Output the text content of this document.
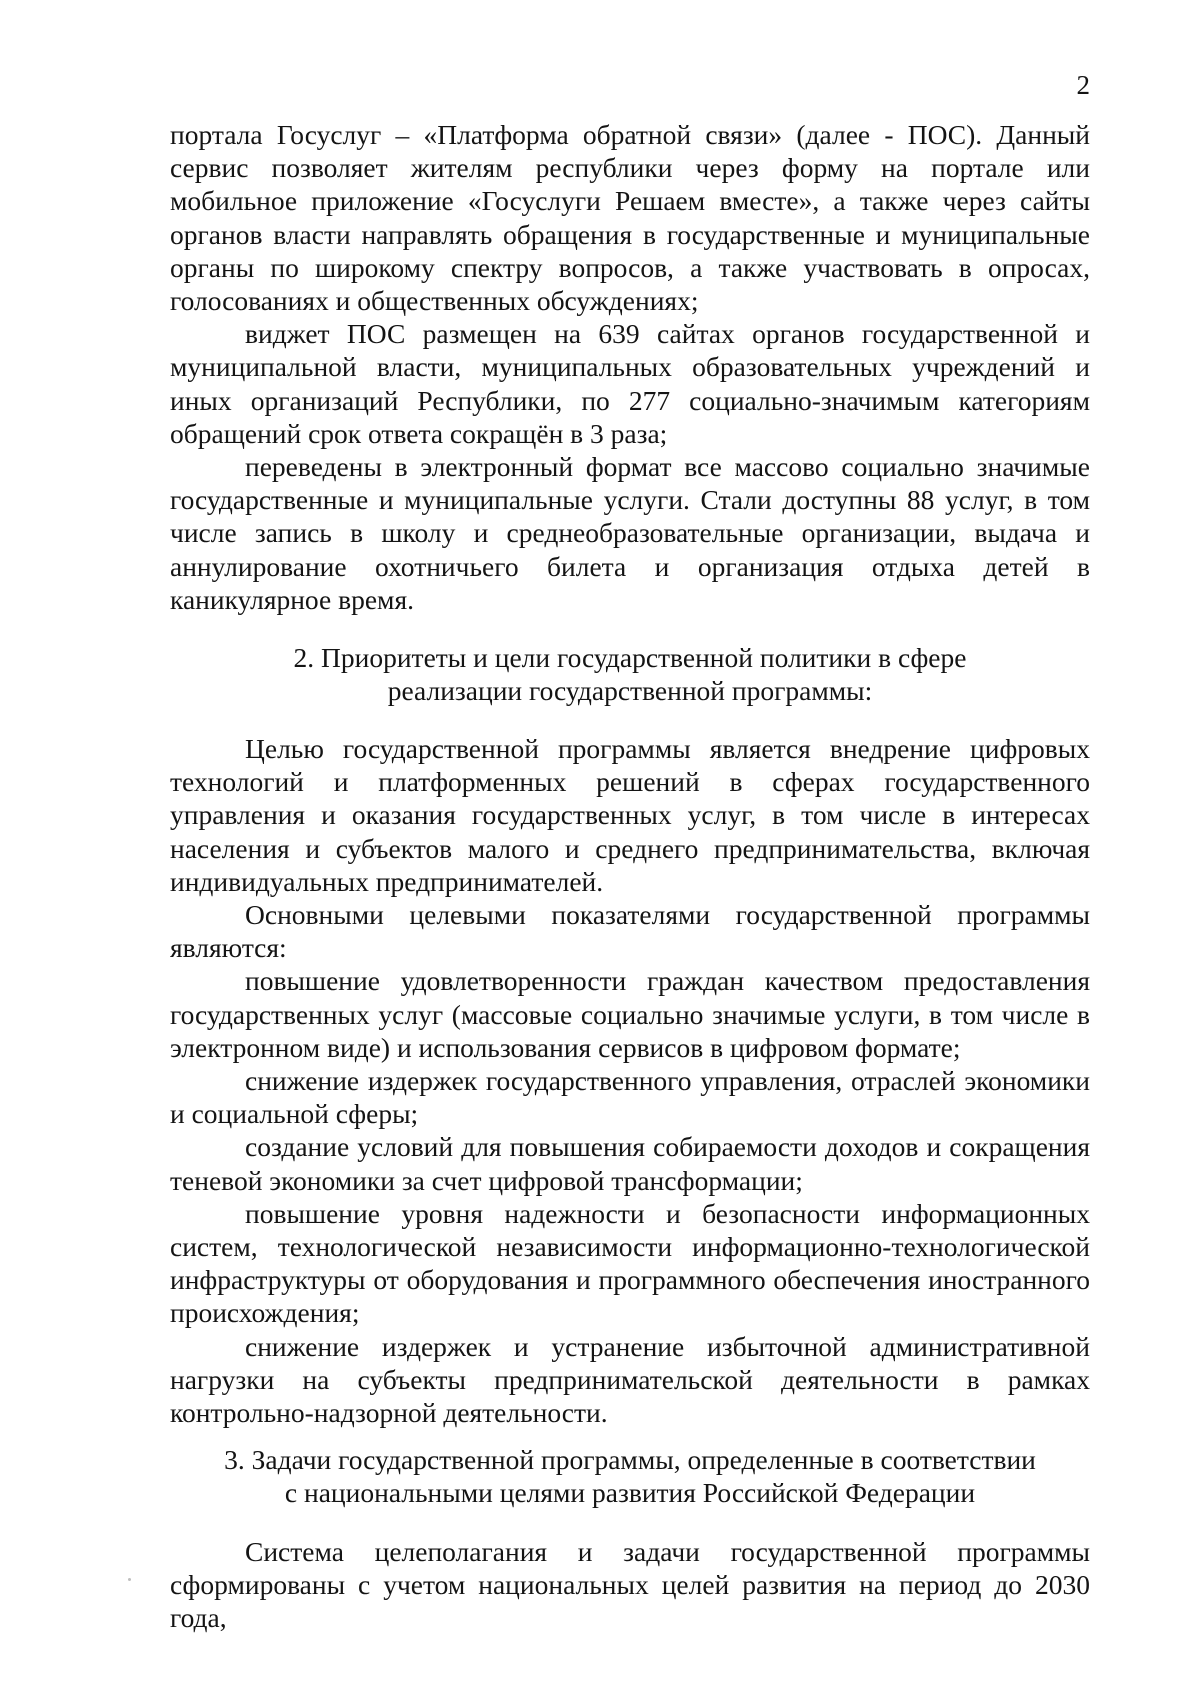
2

портала Госуслуг – «Платформа обратной связи» (далее - ПОС). Данный сервис позволяет жителям республики через форму на портале или мобильное приложение «Госуслуги Решаем вместе», а также через сайты органов власти направлять обращения в государственные и муниципальные органы по широкому спектру вопросов, а также участвовать в опросах, голосованиях и общественных обсуждениях;

виджет ПОС размещен на 639 сайтах органов государственной и муниципальной власти, муниципальных образовательных учреждений и иных организаций Республики, по 277 социально-значимым категориям обращений срок ответа сокращён в 3 раза;

переведены в электронный формат все массово социально значимые государственные и муниципальные услуги. Стали доступны 88 услуг, в том числе запись в школу и среднеобразовательные организации, выдача и аннулирование охотничьего билета и организация отдыха детей в каникулярное время.

2. Приоритеты и цели государственной политики в сфере
реализации государственной программы:

Целью государственной программы является внедрение цифровых технологий и платформенных решений в сферах государственного управления и оказания государственных услуг, в том числе в интересах населения и субъектов малого и среднего предпринимательства, включая индивидуальных предпринимателей.

Основными целевыми показателями государственной программы являются:

повышение удовлетворенности граждан качеством предоставления государственных услуг (массовые социально значимые услуги, в том числе в электронном виде) и использования сервисов в цифровом формате;

снижение издержек государственного управления, отраслей экономики и социальной сферы;

создание условий для повышения собираемости доходов и сокращения теневой экономики за счет цифровой трансформации;

повышение уровня надежности и безопасности информационных систем, технологической независимости информационно-технологической инфраструктуры от оборудования и программного обеспечения иностранного происхождения;

снижение издержек и устранение избыточной административной нагрузки на субъекты предпринимательской деятельности в рамках контрольно-надзорной деятельности.

3. Задачи государственной программы, определенные в соответствии
с национальными целями развития Российской Федерации

Система целеполагания и задачи государственной программы сформированы с учетом национальных целей развития на период до 2030 года,
